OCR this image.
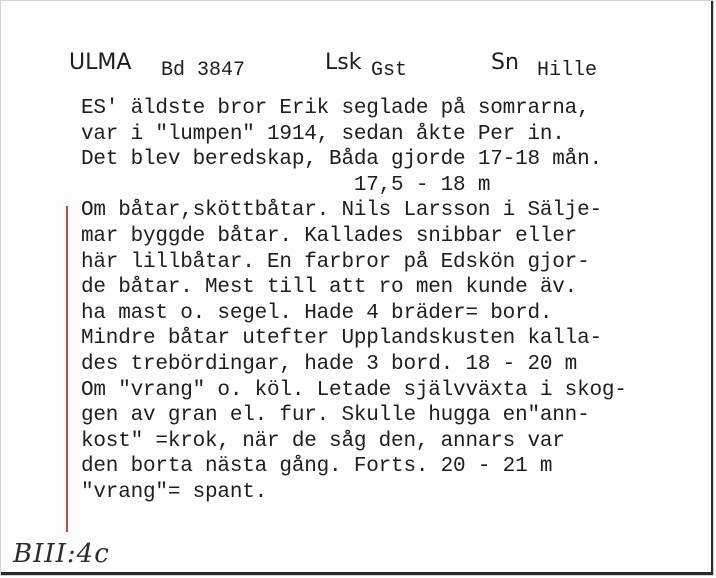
ULMA Bd 3847	Lsk Gst	Sn Hille
ES' äldste bror Erik seglade på somrarna,
var i "lumpen" 1914, sedan åkte Per in.
Det blev beredskap, Båda gjorde 17-18 mån.
17,5 - 18 m
Om båtar,sköttbåtar. Nils Larsson i Sälje-
mar byggde båtar. Kallades snibbar eller
här lillbåtar. En farbror på Edskön gjor-
de båtar. Mest till att ro men kunde äv.
ha mast o. segel. Hade 4 bräder= bord.
Mindre båtar utefter Upplandskusten kalla-
des trebördingar, hade 3 bord. 18 - 20 m
Om "vrang" o. köl. Letade självväxta i skog-
gen av gran el. fur. Skulle hugga en"ann-
kost" =krok, när de såg den, annars var
den borta nästa gång. Forts. 20 - 21 m
"vrang"= spant.
BIII:4c
